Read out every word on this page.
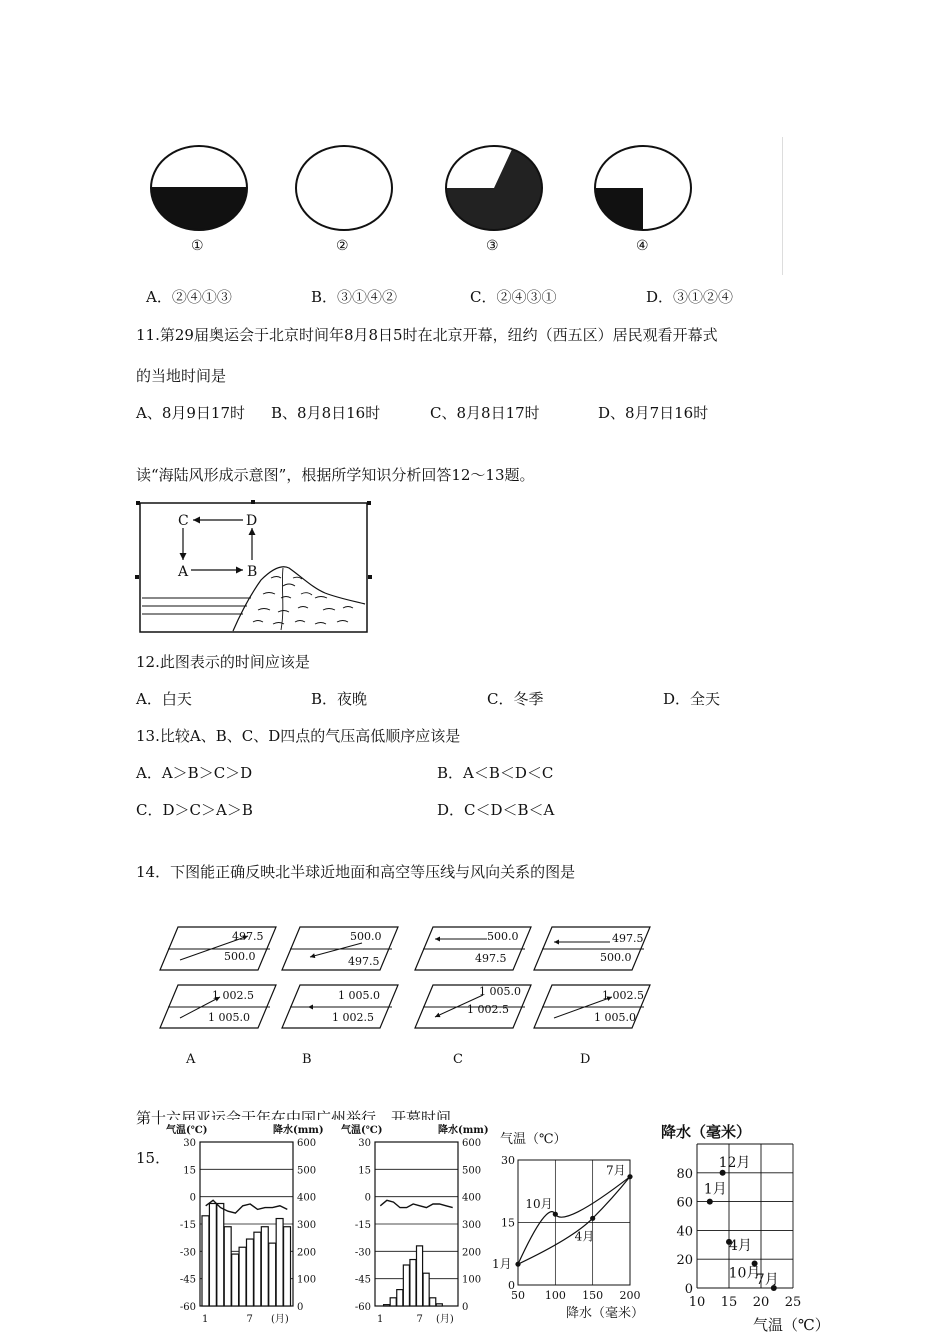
①	②	③	④
A．②④①③	B．③①④②	C．②④③①	D．③①②④
11.第29届奥运会于北京时间年8月8日5时在北京开幕，纽约（西五区）居民观看开幕式
的当地时间是
A、8月9日17时 B、8月8日16时	C、8月8日17时	D、8月7日16时
读“海陆风形成示意图”，根据所学知识分析回答12～13题。
C	D
A	B
12.此图表示的时间应该是
A．白天	B．夜晚	C．冬季	D．全天
13.比较A、B、C、D四点的气压高低顺序应该是
A．A＞B＞C＞D	B．A＜B＜D＜C
C．D＞C＞A＞B	D．C＜D＜B＜A
14．下图能正确反映北半球近地面和高空等压线与风向关系的图是
497.5
500.0
1 002.5
1 005.0
A
500.0
497.5
1 005.0
1 002.5
B
500.0
497.5
1 005.0
1 002.5
C
497.5
500.0
1 002.5
1 005.0
D
第十六届亚运会于年在中国广州举行，开幕时间
15．读
气温(℃)	降水(mm)
30
15
0
-15
-30
-45
-60
600
500
400
300
200
100
0
1	7 (月)
气温(℃)	降水(mm)
30
15
0
-15
-30
-45
-60
600
500
400
300
200
100
0
1	7 (月)
气温（℃）
0
15
30
50 100 150 200
降水（毫米）
1月
10月
4月
7月
降水（毫米）
0
20
40
60
80
10 15 20 25
气温（℃）
12月
1月
4月
10月
7月
